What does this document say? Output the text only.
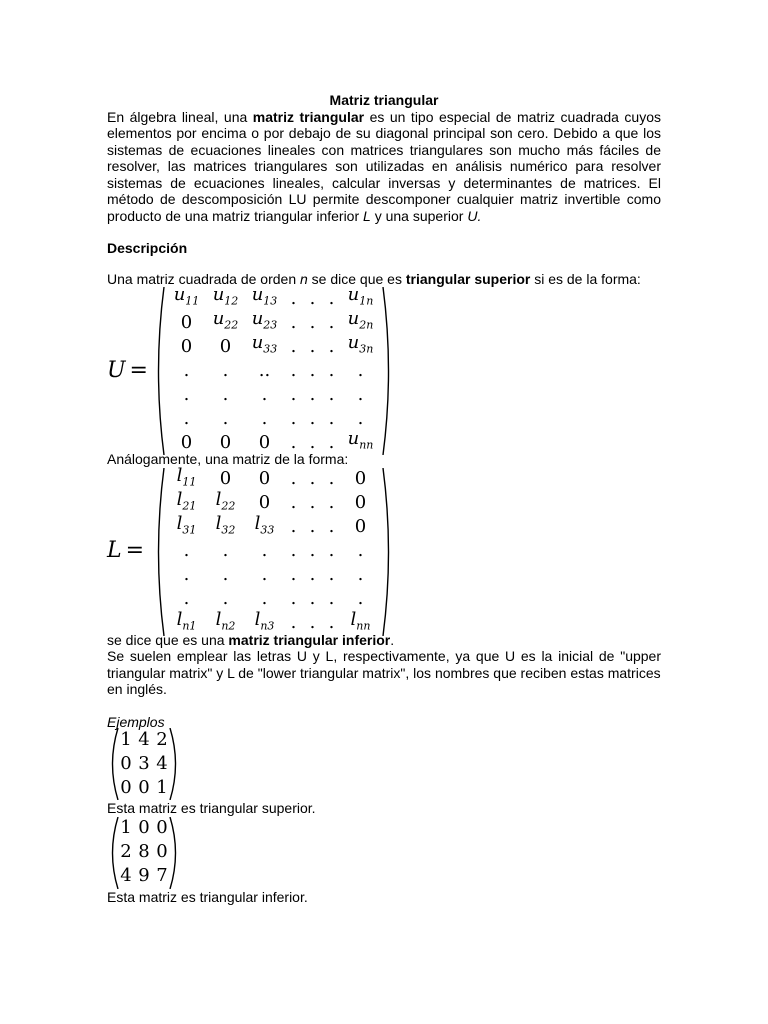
Matriz triangular

En álgebra lineal, una matriz triangular es un tipo especial de matriz cuadrada cuyos elementos por encima o por debajo de su diagonal principal son cero. Debido a que los sistemas de ecuaciones lineales con matrices triangulares son mucho más fáciles de resolver, las matrices triangulares son utilizadas en análisis numérico para resolver sistemas de ecuaciones lineales, calcular inversas y determinantes de matrices. El método de descomposición LU permite descomponer cualquier matriz invertible como producto de una matriz triangular inferior L y una superior U.

Descripción

Una matriz cuadrada de orden n se dice que es triangular superior si es de la forma:

U =
$u_{11}$	$u_{12}$	$u_{13}$	.	.	.	$u_{1n}$
0	$u_{22}$	$u_{23}$	.	.	.	$u_{2n}$
0	0	$u_{33}$	.	.	.	$u_{3n}$
.	.	..	.	.	.	.
.	.	.	.	.	.	.
.	.	.	.	.	.	.
0	0	0	.	.	.	$u_{nn}$

Análogamente, una matriz de la forma:

L =
$l_{11}$	0	0	.	.	.	0
$l_{21}$	$l_{22}$	0	.	.	.	0
$l_{31}$	$l_{32}$	$l_{33}$	.	.	.	0
.	.	.	.	.	.	.
.	.	.	.	.	.	.
.	.	.	.	.	.	.
$l_{n1}$	$l_{n2}$	$l_{n3}$	.	.	.	$l_{nn}$

se dice que es una matriz triangular inferior.

Se suelen emplear las letras U y L, respectivamente, ya que U es la inicial de "upper triangular matrix" y L de "lower triangular matrix", los nombres que reciben estas matrices

en inglés.

Ejemplos

1	4	2
0	3	4
0	0	1

Esta matriz es triangular superior.

1	0	0
2	8	0
4	9	7

Esta matriz es triangular inferior.
